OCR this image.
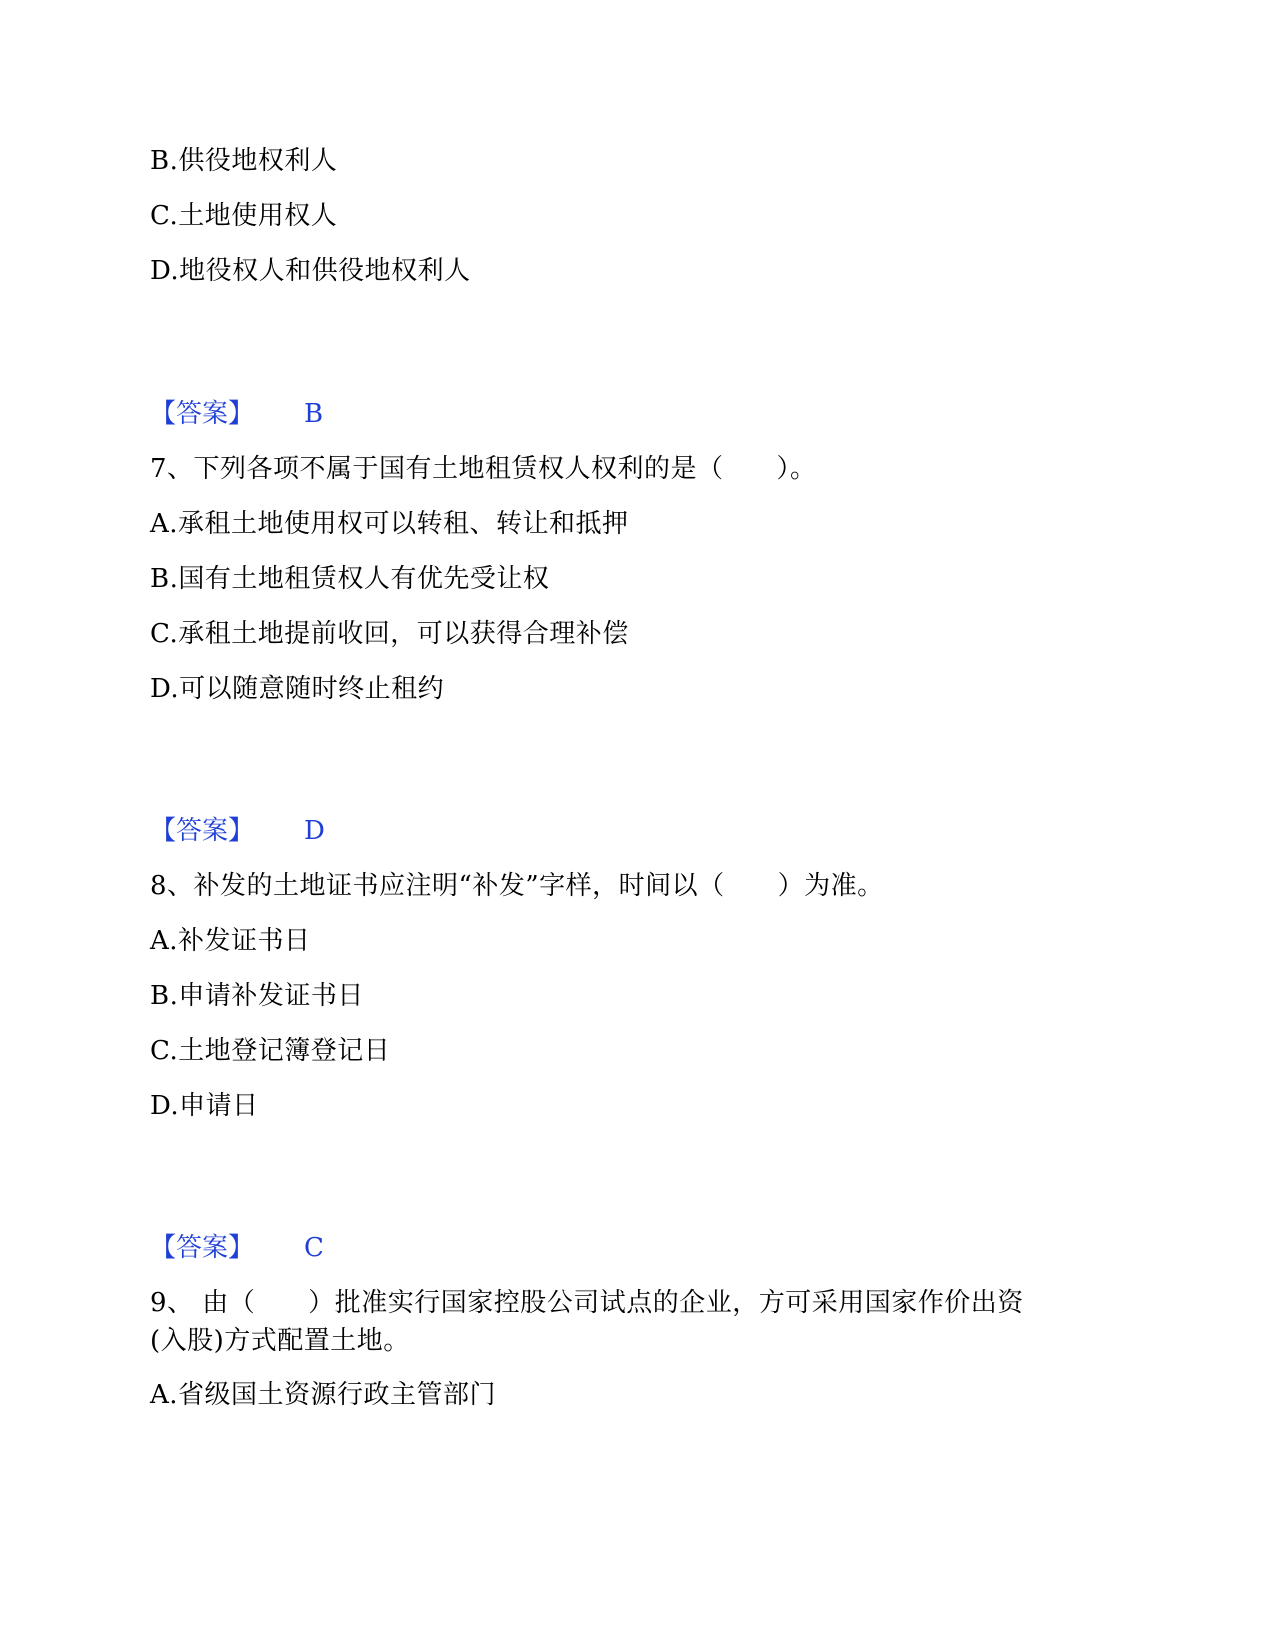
B.供役地权利人
C.土地使用权人
D.地役权人和供役地权利人
【答案】 B
7、下列各项不属于国有土地租赁权人权利的是（　　）。
A.承租土地使用权可以转租、转让和抵押
B.国有土地租赁权人有优先受让权
C.承租土地提前收回，可以获得合理补偿
D.可以随意随时终止租约
【答案】 D
8、补发的土地证书应注明“补发”字样，时间以（　　）为准。
A.补发证书日
B.申请补发证书日
C.土地登记簿登记日
D.申请日
【答案】 C
9、 由（　　）批准实行国家控股公司试点的企业，方可采用国家作价出资
(入股)方式配置土地。
A.省级国土资源行政主管部门
